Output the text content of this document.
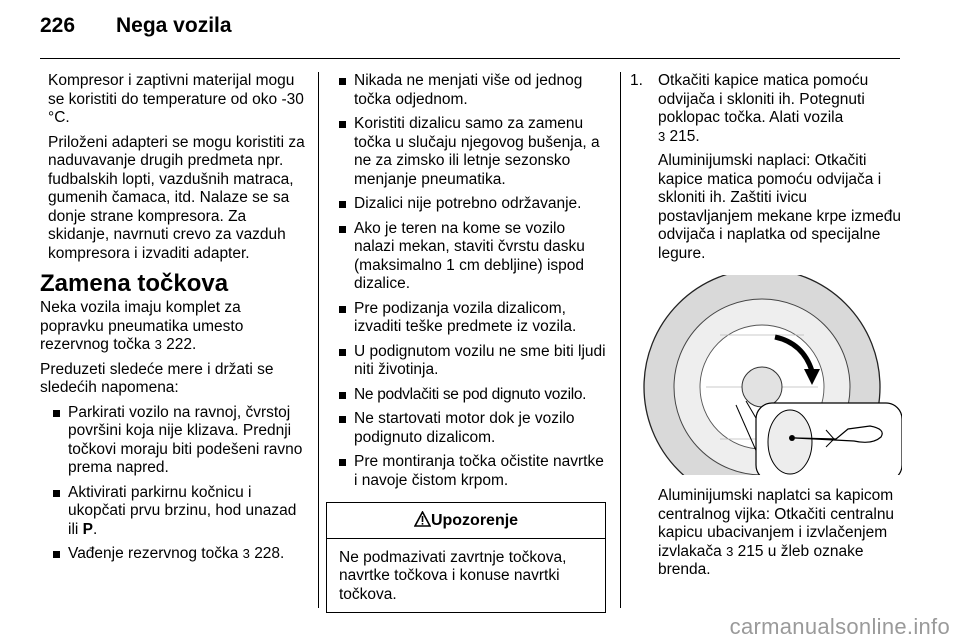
226	Nega vozila

Kompresor i zaptivni materijal mogu se koristiti do temperature od oko -30 °C.

Priloženi adapteri se mogu koristiti za naduvavanje drugih predmeta npr. fudbalskih lopti, vazdušnih matraca, gumenih čamaca, itd. Nalaze se sa donje strane kompresora. Za skidanje, navrnuti crevo za vazduh kompresora i izvaditi adapter.

Zamena točkova

Neka vozila imaju komplet za popravku pneumatika umesto rezervnog točka 3 222.

Preduzeti sledeće mere i držati se sledećih napomena:

Parkirati vozilo na ravnoj, čvrstoj površini koja nije klizava. Prednji točkovi moraju biti podešeni ravno prema napred.
Aktivirati parkirnu kočnicu i ukopčati prvu brzinu, hod unazad ili P.
Vađenje rezervnog točka 3 228.
Nikada ne menjati više od jednog točka odjednom.
Koristiti dizalicu samo za zamenu točka u slučaju njegovog bušenja, a ne za zimsko ili letnje sezonsko menjanje pneumatika.
Dizalici nije potrebno održavanje.
Ako je teren na kome se vozilo nalazi mekan, staviti čvrstu dasku (maksimalno 1 cm debljine) ispod dizalice.
Pre podizanja vozila dizalicom, izvaditi teške predmete iz vozila.
U podignutom vozilu ne sme biti ljudi niti životinja.
Ne podvlačiti se pod dignuto vozilo.
Ne startovati motor dok je vozilo podignuto dizalicom.
Pre montiranja točka očistite navrtke i navoje čistom krpom.
Upozorenje
Ne podmazivati zavrtnje točkova, navrtke točkova i konuse navrtki točkova.
1. Otkačiti kapice matica pomoću odvijača i skloniti ih. Potegnuti poklopac točka. Alati vozila
3 215.
Aluminijumski naplaci: Otkačiti kapice matica pomoću odvijača i skloniti ih. Zaštiti ivicu postavljanjem mekane krpe između odvijača i naplatka od specijalne legure.
Aluminijumski naplatci sa kapicom centralnog vijka: Otkačiti centralnu kapicu ubacivanjem i izvlačenjem izvlakača 3 215 u žleb oznake brenda.
carmanualsonline.info
